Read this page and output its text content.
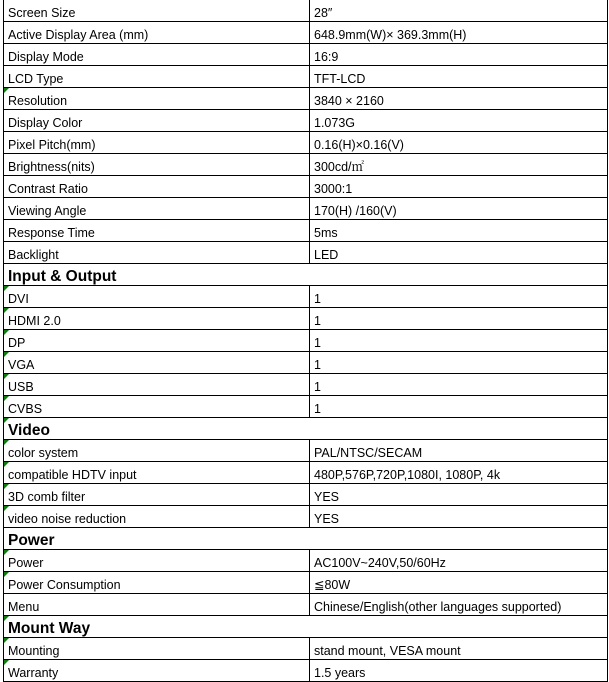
Screen Size	28″
Active Display Area (mm)	648.9mm(W)× 369.3mm(H)
Display Mode	16:9
LCD Type	TFT-LCD
Resolution	3840 × 2160
Display Color	1.073G
Pixel Pitch(mm)	0.16(H)×0.16(V)
Brightness(nits)	300cd/㎡
Contrast Ratio	3000:1
Viewing Angle	170(H) /160(V)
Response Time	5ms
Backlight	LED
Input & Output	
DVI	1
HDMI 2.0	1
DP	1
VGA	1
USB	1
CVBS	1
Video	
color system	PAL/NTSC/SECAM
compatible HDTV input	480P,576P,720P,1080I, 1080P, 4k
3D comb filter	YES
video noise reduction	YES
Power	
Power	AC100V~240V,50/60Hz
Power Consumption	≦80W
Menu	Chinese/English(other languages supported)
Mount Way	
Mounting	stand mount, VESA mount
Warranty	1.5 years
